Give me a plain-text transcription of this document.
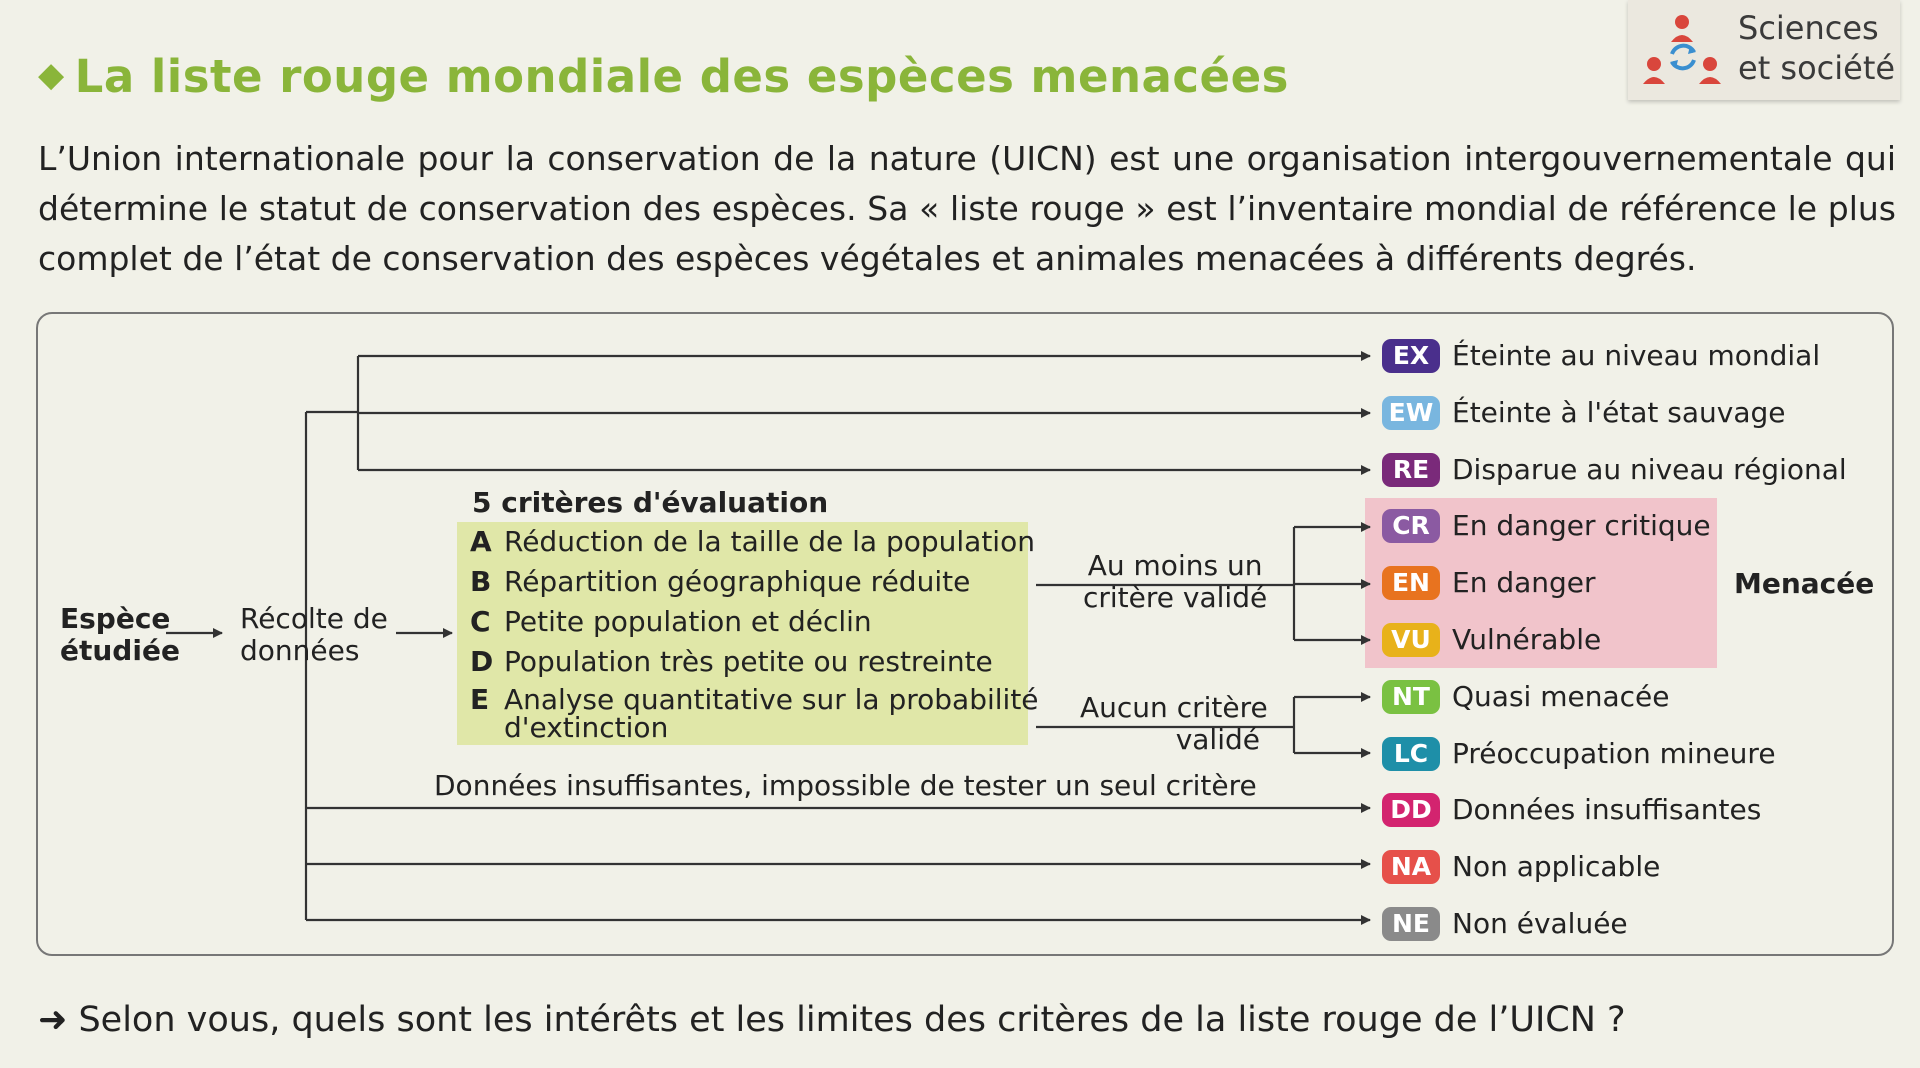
◆ La liste rouge mondiale des espèces menacées
Sciences
et société
L’Union internationale pour la conservation de la nature (UICN) est une organisation intergouvernementale qui détermine le statut de conservation des espèces. Sa « liste rouge » est l’inventaire mondial de référence le plus complet de l’état de conservation des espèces végétales et animales menacées à différents degrés.
Espèce
étudiée
Récolte de
données
5 critères d'évaluation
A Réduction de la taille de la population
B Répartition géographique réduite
C Petite population et déclin
D Population très petite ou restreinte
E Analyse quantitative sur la probabilité
d'extinction
Au moins un
critère validé
Aucun critère
validé
Données insuffisantes, impossible de tester un seul critère
Menacée
EX Éteinte au niveau mondial
EW Éteinte à l'état sauvage
RE Disparue au niveau régional
CR En danger critique
EN En danger
VU Vulnérable
NT Quasi menacée
LC Préoccupation mineure
DD Données insuffisantes
NA Non applicable
NE Non évaluée
➜ Selon vous, quels sont les intérêts et les limites des critères de la liste rouge de l’UICN ?
